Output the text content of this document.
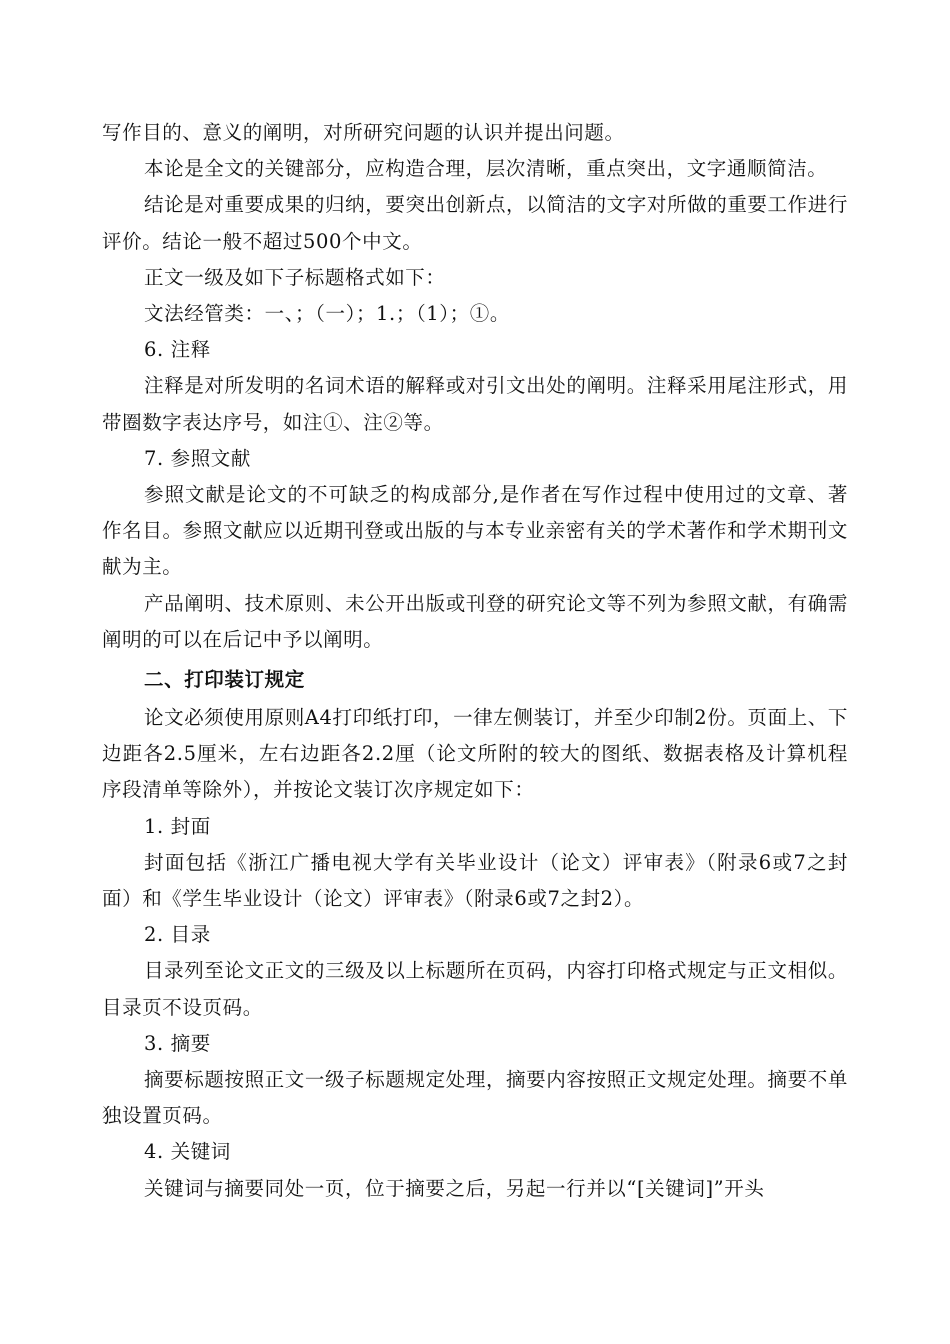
写作目的、意义的阐明，对所研究问题的认识并提出问题。

本论是全文的关键部分，应构造合理，层次清晰，重点突出，文字通顺简洁。

结论是对重要成果的归纳，要突出创新点，以简洁的文字对所做的重要工作进行评价。结论一般不超过500个中文。

正文一级及如下子标题格式如下：

文法经管类：一、；（一）；1.；（1）；①。

6. 注释

注释是对所发明的名词术语的解释或对引文出处的阐明。注释采用尾注形式，用带圈数字表达序号，如注①、注②等。

7. 参照文献

参照文献是论文的不可缺乏的构成部分,是作者在写作过程中使用过的文章、著作名目。参照文献应以近期刊登或出版的与本专业亲密有关的学术著作和学术期刊文献为主。

产品阐明、技术原则、未公开出版或刊登的研究论文等不列为参照文献，有确需阐明的可以在后记中予以阐明。

二、打印装订规定

论文必须使用原则A4打印纸打印，一律左侧装订，并至少印制2份。页面上、下边距各2.5厘米，左右边距各2.2厘（论文所附的较大的图纸、数据表格及计算机程序段清单等除外），并按论文装订次序规定如下：

1. 封面

封面包括《浙江广播电视大学有关毕业设计（论文）评审表》（附录6或7之封面）和《学生毕业设计（论文）评审表》（附录6或7之封2）。

2. 目录

目录列至论文正文的三级及以上标题所在页码，内容打印格式规定与正文相似。目录页不设页码。

3. 摘要

摘要标题按照正文一级子标题规定处理，摘要内容按照正文规定处理。摘要不单独设置页码。

4. 关键词

关键词与摘要同处一页，位于摘要之后，另起一行并以“[关键词]”开头
